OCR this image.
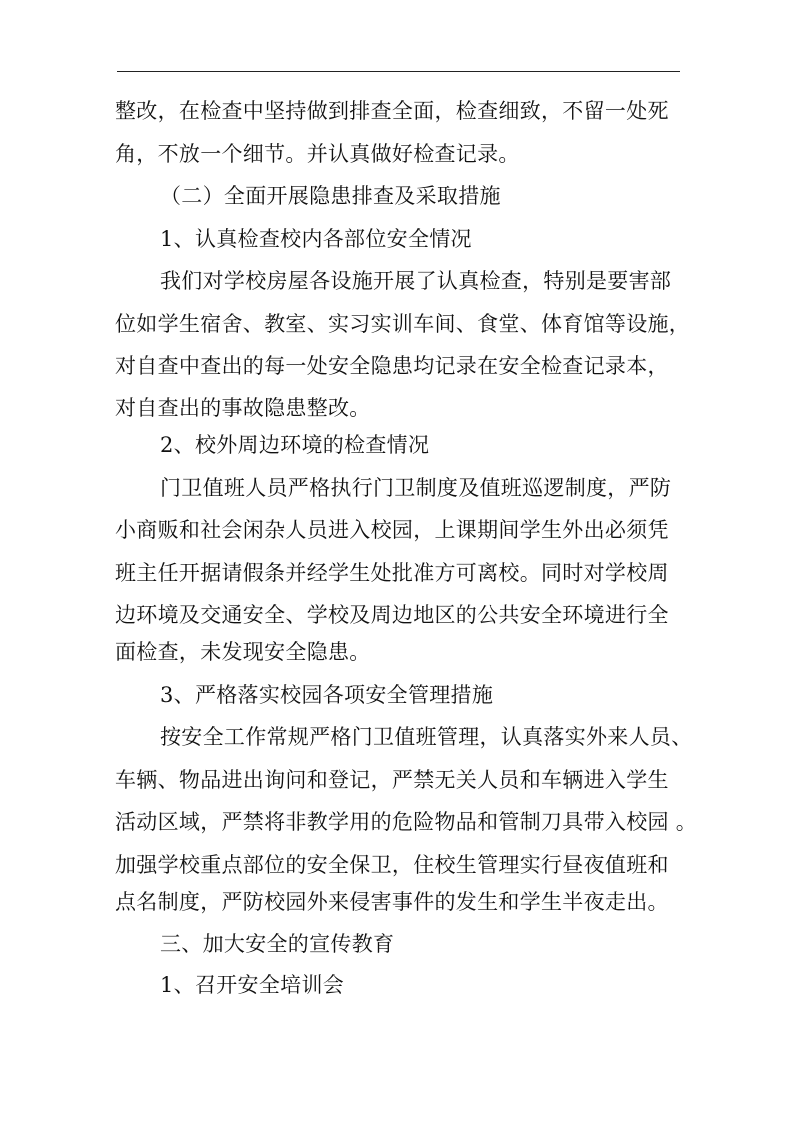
整改，在检查中坚持做到排查全面，检查细致，不留一处死
角，不放一个细节。并认真做好检查记录。
（二）全面开展隐患排查及采取措施
1、认真检查校内各部位安全情况
我们对学校房屋各设施开展了认真检查，特别是要害部
位如学生宿舍、教室、实习实训车间、食堂、体育馆等设施，
对自查中查出的每一处安全隐患均记录在安全检查记录本，
对自查出的事故隐患整改。
2、校外周边环境的检查情况
门卫值班人员严格执行门卫制度及值班巡逻制度，严防
小商贩和社会闲杂人员进入校园，上课期间学生外出必须凭
班主任开据请假条并经学生处批准方可离校。同时对学校周
边环境及交通安全、学校及周边地区的公共安全环境进行全
面检查，未发现安全隐患。
3、严格落实校园各项安全管理措施
按安全工作常规严格门卫值班管理，认真落实外来人员、
车辆、物品进出询问和登记，严禁无关人员和车辆进入学生
活动区域，严禁将非教学用的危险物品和管制刀具带入校园 。
加强学校重点部位的安全保卫，住校生管理实行昼夜值班和
点名制度，严防校园外来侵害事件的发生和学生半夜走出。
三、加大安全的宣传教育
1、召开安全培训会
